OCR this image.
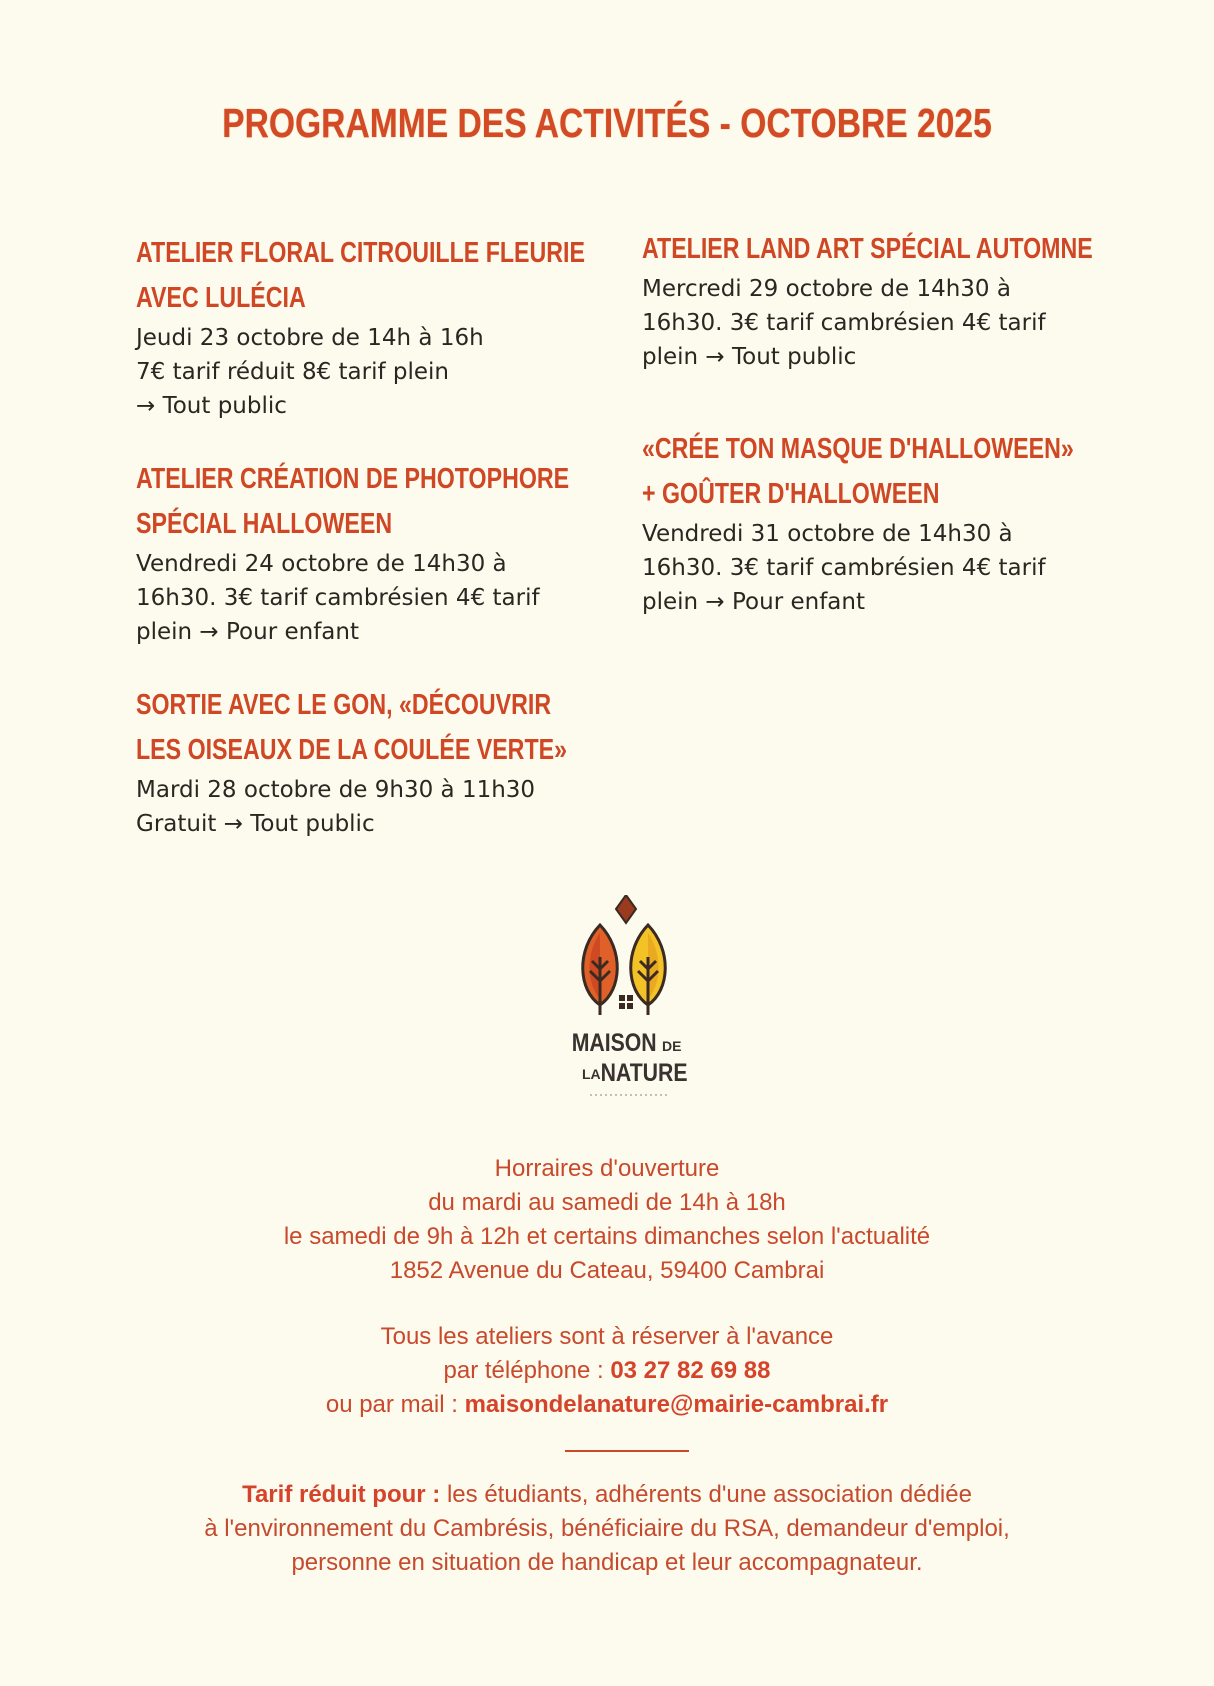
PROGRAMME DES ACTIVITÉS - OCTOBRE 2025
ATELIER FLORAL CITROUILLE FLEURIE
AVEC LULÉCIA
Jeudi 23 octobre de 14h à 16h
7€ tarif réduit 8€ tarif plein
→ Tout public
ATELIER CRÉATION DE PHOTOPHORE
SPÉCIAL HALLOWEEN
Vendredi 24 octobre de 14h30 à
16h30. 3€ tarif cambrésien 4€ tarif
plein → Pour enfant
SORTIE AVEC LE GON, «DÉCOUVRIR
LES OISEAUX DE LA COULÉE VERTE»
Mardi 28 octobre de 9h30 à 11h30
Gratuit → Tout public
ATELIER LAND ART SPÉCIAL AUTOMNE
Mercredi 29 octobre de 14h30 à
16h30. 3€ tarif cambrésien 4€ tarif
plein → Tout public
«CRÉE TON MASQUE D'HALLOWEEN»
+ GOÛTER D'HALLOWEEN
Vendredi 31 octobre de 14h30 à
16h30. 3€ tarif cambrésien 4€ tarif
plein → Pour enfant
MAISON DE
LA NATURE
Horraires d'ouverture
du mardi au samedi de 14h à 18h
le samedi de 9h à 12h et certains dimanches selon l'actualité
1852 Avenue du Cateau, 59400 Cambrai
Tous les ateliers sont à réserver à l'avance
par téléphone : 03 27 82 69 88
ou par mail : maisondelanature@mairie-cambrai.fr
Tarif réduit pour : les étudiants, adhérents d'une association dédiée
à l'environnement du Cambrésis, bénéficiaire du RSA, demandeur d'emploi,
personne en situation de handicap et leur accompagnateur.
